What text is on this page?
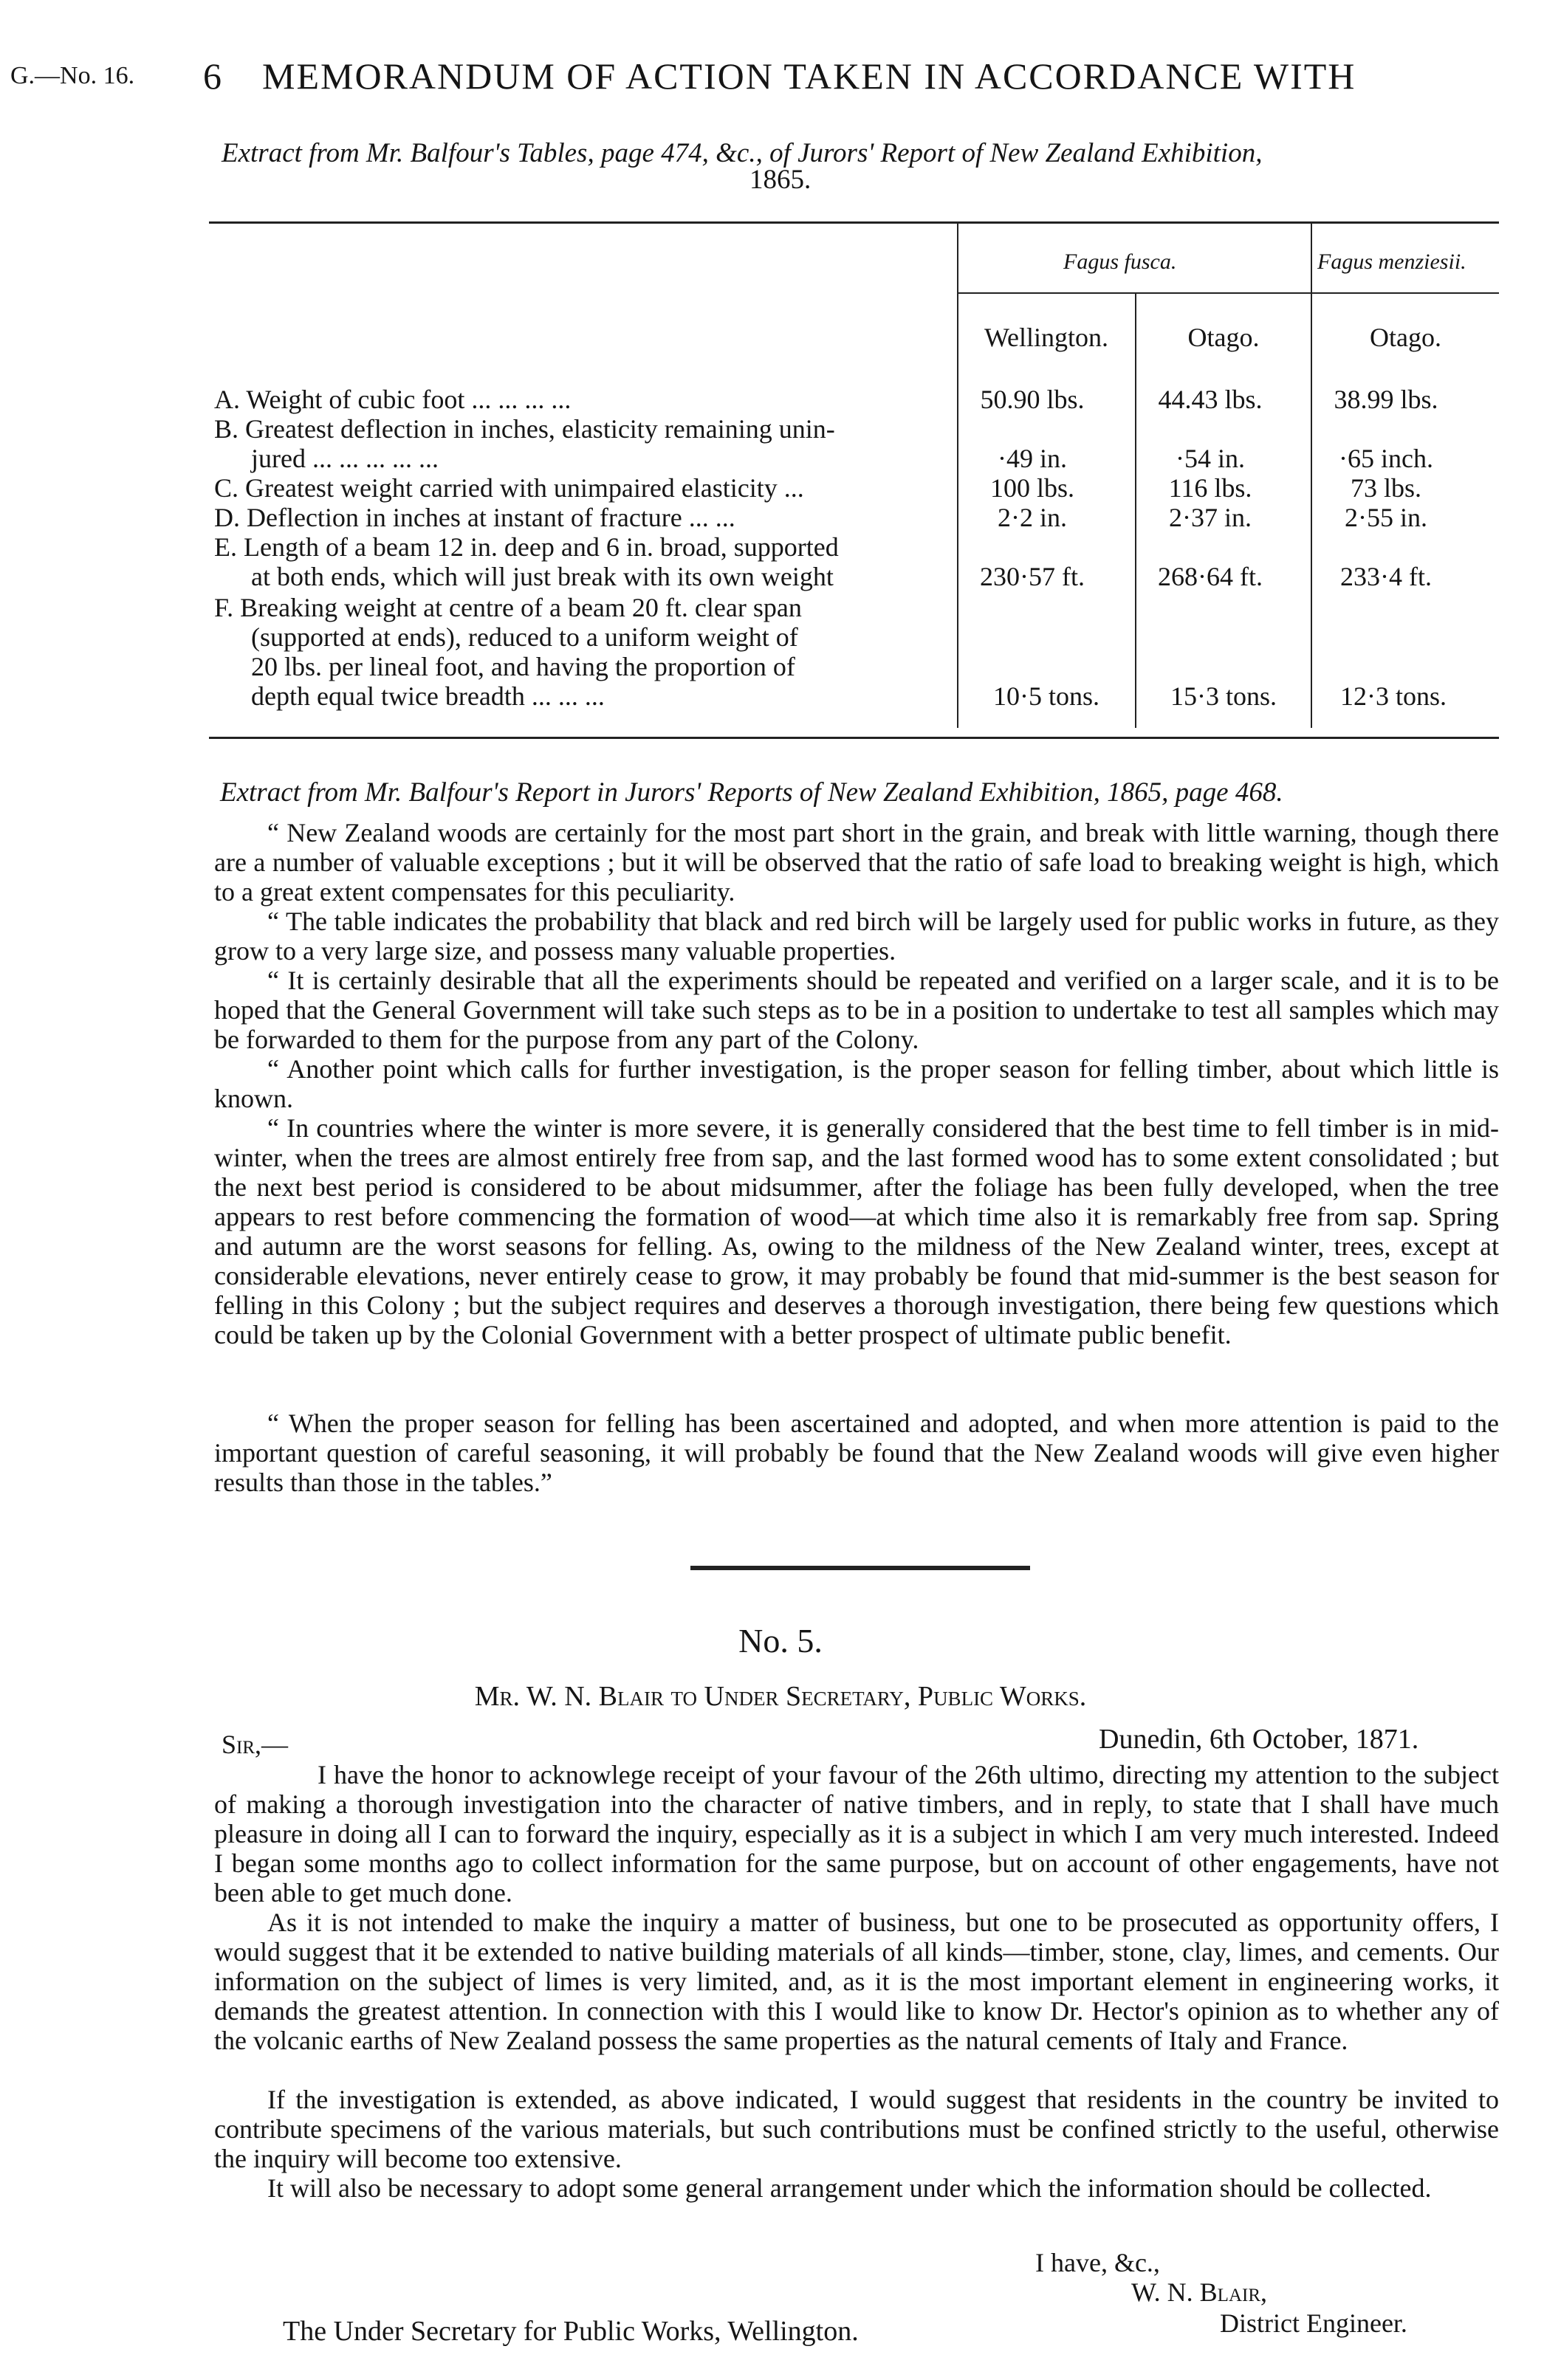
G.—No. 16. 6 MEMORANDUM OF ACTION TAKEN IN ACCORDANCE WITH
Extract from Mr. Balfour's Tables, page 474, &c., of Jurors' Report of New Zealand Exhibition,
1865.
Fagus fusca.	Fagus menziesii.
Wellington.	Otago.	Otago.
A. Weight of cubic foot ... ... ... ...	50.90 lbs.	44.43 lbs.	38.99 lbs.
B. Greatest deflection in inches, elasticity remaining unin-
jured ... ... ... ... ...	·49 in.	·54 in.	·65 inch.
C. Greatest weight carried with unimpaired elasticity ...	100 lbs.	116 lbs.	73 lbs.
D. Deflection in inches at instant of fracture ... ...	2·2 in.	2·37 in.	2·55 in.
E. Length of a beam 12 in. deep and 6 in. broad, supported
at both ends, which will just break with its own weight	230·57 ft.	268·64 ft.	233·4 ft.
F. Breaking weight at centre of a beam 20 ft. clear span
(supported at ends), reduced to a uniform weight of
20 lbs. per lineal foot, and having the proportion of
depth equal twice breadth ... ... ...	10·5 tons.	15·3 tons.	12·3 tons.
Extract from Mr. Balfour's Report in Jurors' Reports of New Zealand Exhibition, 1865, page 468.
“ New Zealand woods are certainly for the most part short in the grain, and break with little warning, though there are a number of valuable exceptions ; but it will be observed that the ratio of safe load to breaking weight is high, which to a great extent compensates for this peculiarity.
“ The table indicates the probability that black and red birch will be largely used for public works in future, as they grow to a very large size, and possess many valuable properties.
“ It is certainly desirable that all the experiments should be repeated and verified on a larger scale, and it is to be hoped that the General Government will take such steps as to be in a position to undertake to test all samples which may be forwarded to them for the purpose from any part of the Colony.
“ Another point which calls for further investigation, is the proper season for felling timber, about which little is known.
“ In countries where the winter is more severe, it is generally considered that the best time to fell timber is in mid-winter, when the trees are almost entirely free from sap, and the last formed wood has to some extent consolidated ; but the next best period is considered to be about midsummer, after the foliage has been fully developed, when the tree appears to rest before commencing the formation of wood—at which time also it is remarkably free from sap. Spring and autumn are the worst seasons for felling. As, owing to the mildness of the New Zealand winter, trees, except at considerable elevations, never entirely cease to grow, it may probably be found that mid-summer is the best season for felling in this Colony ; but the subject requires and deserves a thorough investigation, there being few questions which could be taken up by the Colonial Government with a better prospect of ultimate public benefit.
“ When the proper season for felling has been ascertained and adopted, and when more attention is paid to the important question of careful seasoning, it will probably be found that the New Zealand woods will give even higher results than those in the tables.”
No. 5.
Mr. W. N. Blair to Under Secretary, Public Works.
Sir,—	Dunedin, 6th October, 1871.
I have the honor to acknowlege receipt of your favour of the 26th ultimo, directing my attention to the subject of making a thorough investigation into the character of native timbers, and in reply, to state that I shall have much pleasure in doing all I can to forward the inquiry, especially as it is a subject in which I am very much interested. Indeed I began some months ago to collect information for the same purpose, but on account of other engagements, have not been able to get much done.
As it is not intended to make the inquiry a matter of business, but one to be prosecuted as opportunity offers, I would suggest that it be extended to native building materials of all kinds—timber, stone, clay, limes, and cements. Our information on the subject of limes is very limited, and, as it is the most important element in engineering works, it demands the greatest attention. In connection with this I would like to know Dr. Hector's opinion as to whether any of the volcanic earths of New Zealand possess the same properties as the natural cements of Italy and France.
If the investigation is extended, as above indicated, I would suggest that residents in the country be invited to contribute specimens of the various materials, but such contributions must be confined strictly to the useful, otherwise the inquiry will become too extensive.
It will also be necessary to adopt some general arrangement under which the information should be collected.
I have, &c.,
W. N. Blair,
District Engineer.
The Under Secretary for Public Works, Wellington.
